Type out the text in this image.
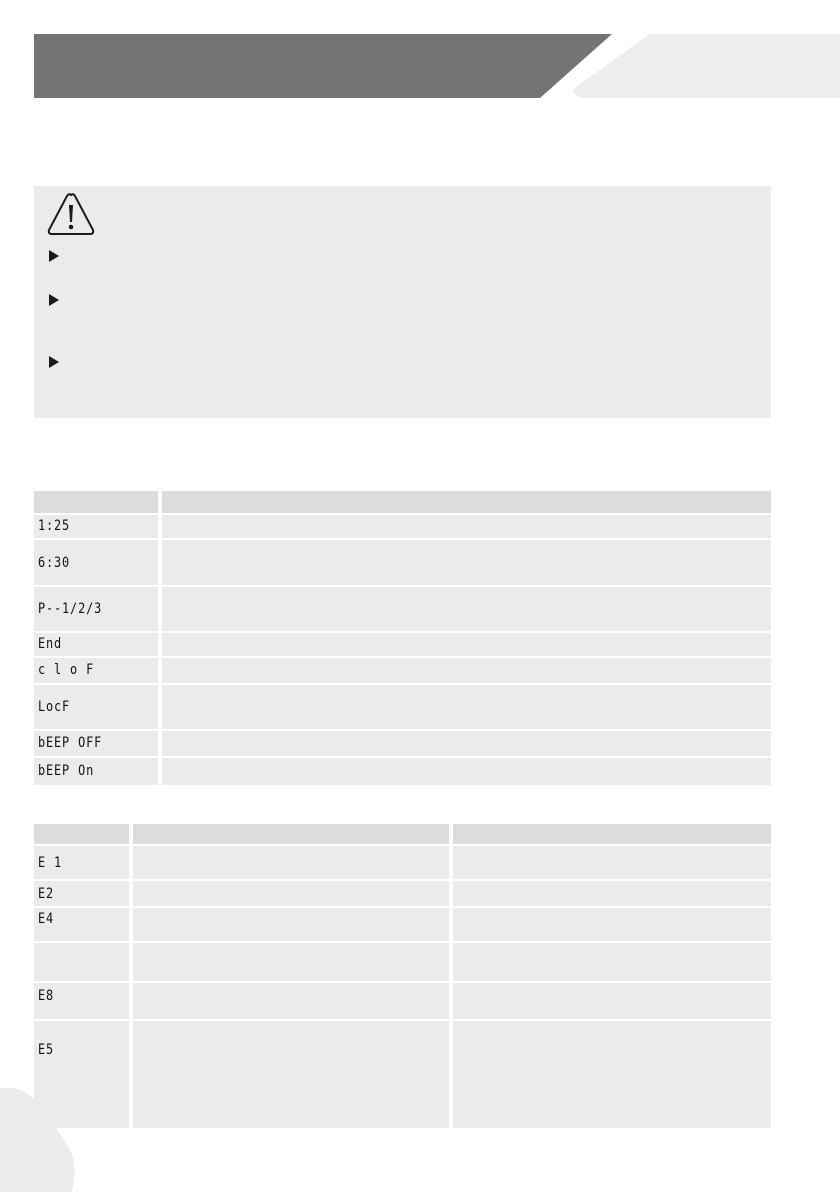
1:25
6:30
P--1/2/3
End
c l o F
LocF
bEEP OFF
bEEP On
E 1
E2
E4
E8
E5
